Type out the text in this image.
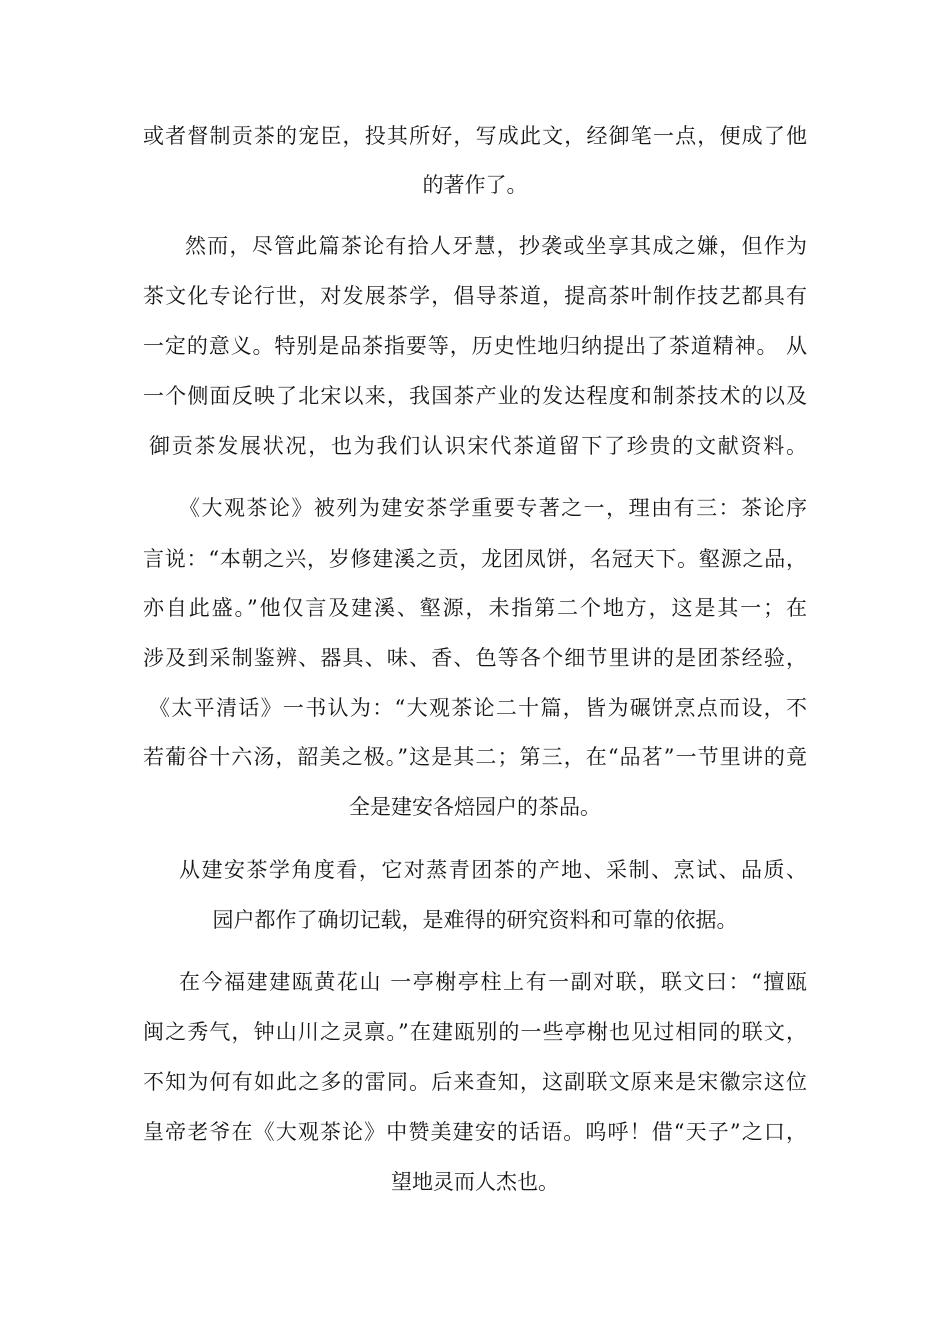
或者督制贡茶的宠臣，投其所好，写成此文，经御笔一点，便成了他
的著作了。
然而，尽管此篇茶论有拾人牙慧，抄袭或坐享其成之嫌，但作为
茶文化专论行世，对发展茶学，倡导茶道，提高茶叶制作技艺都具有
一定的意义。特别是品茶指要等，历史性地归纳提出了茶道精神。 从
一个侧面反映了北宋以来，我国茶产业的发达程度和制茶技术的以及
御贡茶发展状况，也为我们认识宋代茶道留下了珍贵的文献资料。
《大观茶论》被列为建安茶学重要专著之一，理由有三：茶论序
言说：“本朝之兴，岁修建溪之贡，龙团凤饼，名冠天下。壑源之品，
亦自此盛。”他仅言及建溪、壑源，未指第二个地方，这是其一；在
涉及到采制鉴辨、器具、味、香、色等各个细节里讲的是团茶经验，
《太平清话》一书认为：“大观茶论二十篇，皆为碾饼烹点而设，不
若葡谷十六汤，韶美之极。”这是其二；第三，在“品茗”一节里讲的竟
全是建安各焙园户的茶品。
从建安茶学角度看，它对蒸青团茶的产地、采制、烹试、品质、
园户都作了确切记载，是难得的研究资料和可靠的依据。
在今福建建瓯黄花山 一亭榭亭柱上有一副对联，联文曰：“擅瓯
闽之秀气，钟山川之灵禀。”在建瓯别的一些亭榭也见过相同的联文，
不知为何有如此之多的雷同。后来查知，这副联文原来是宋徽宗这位
皇帝老爷在《大观茶论》中赞美建安的话语。呜呼！借“天子”之口，
望地灵而人杰也。
